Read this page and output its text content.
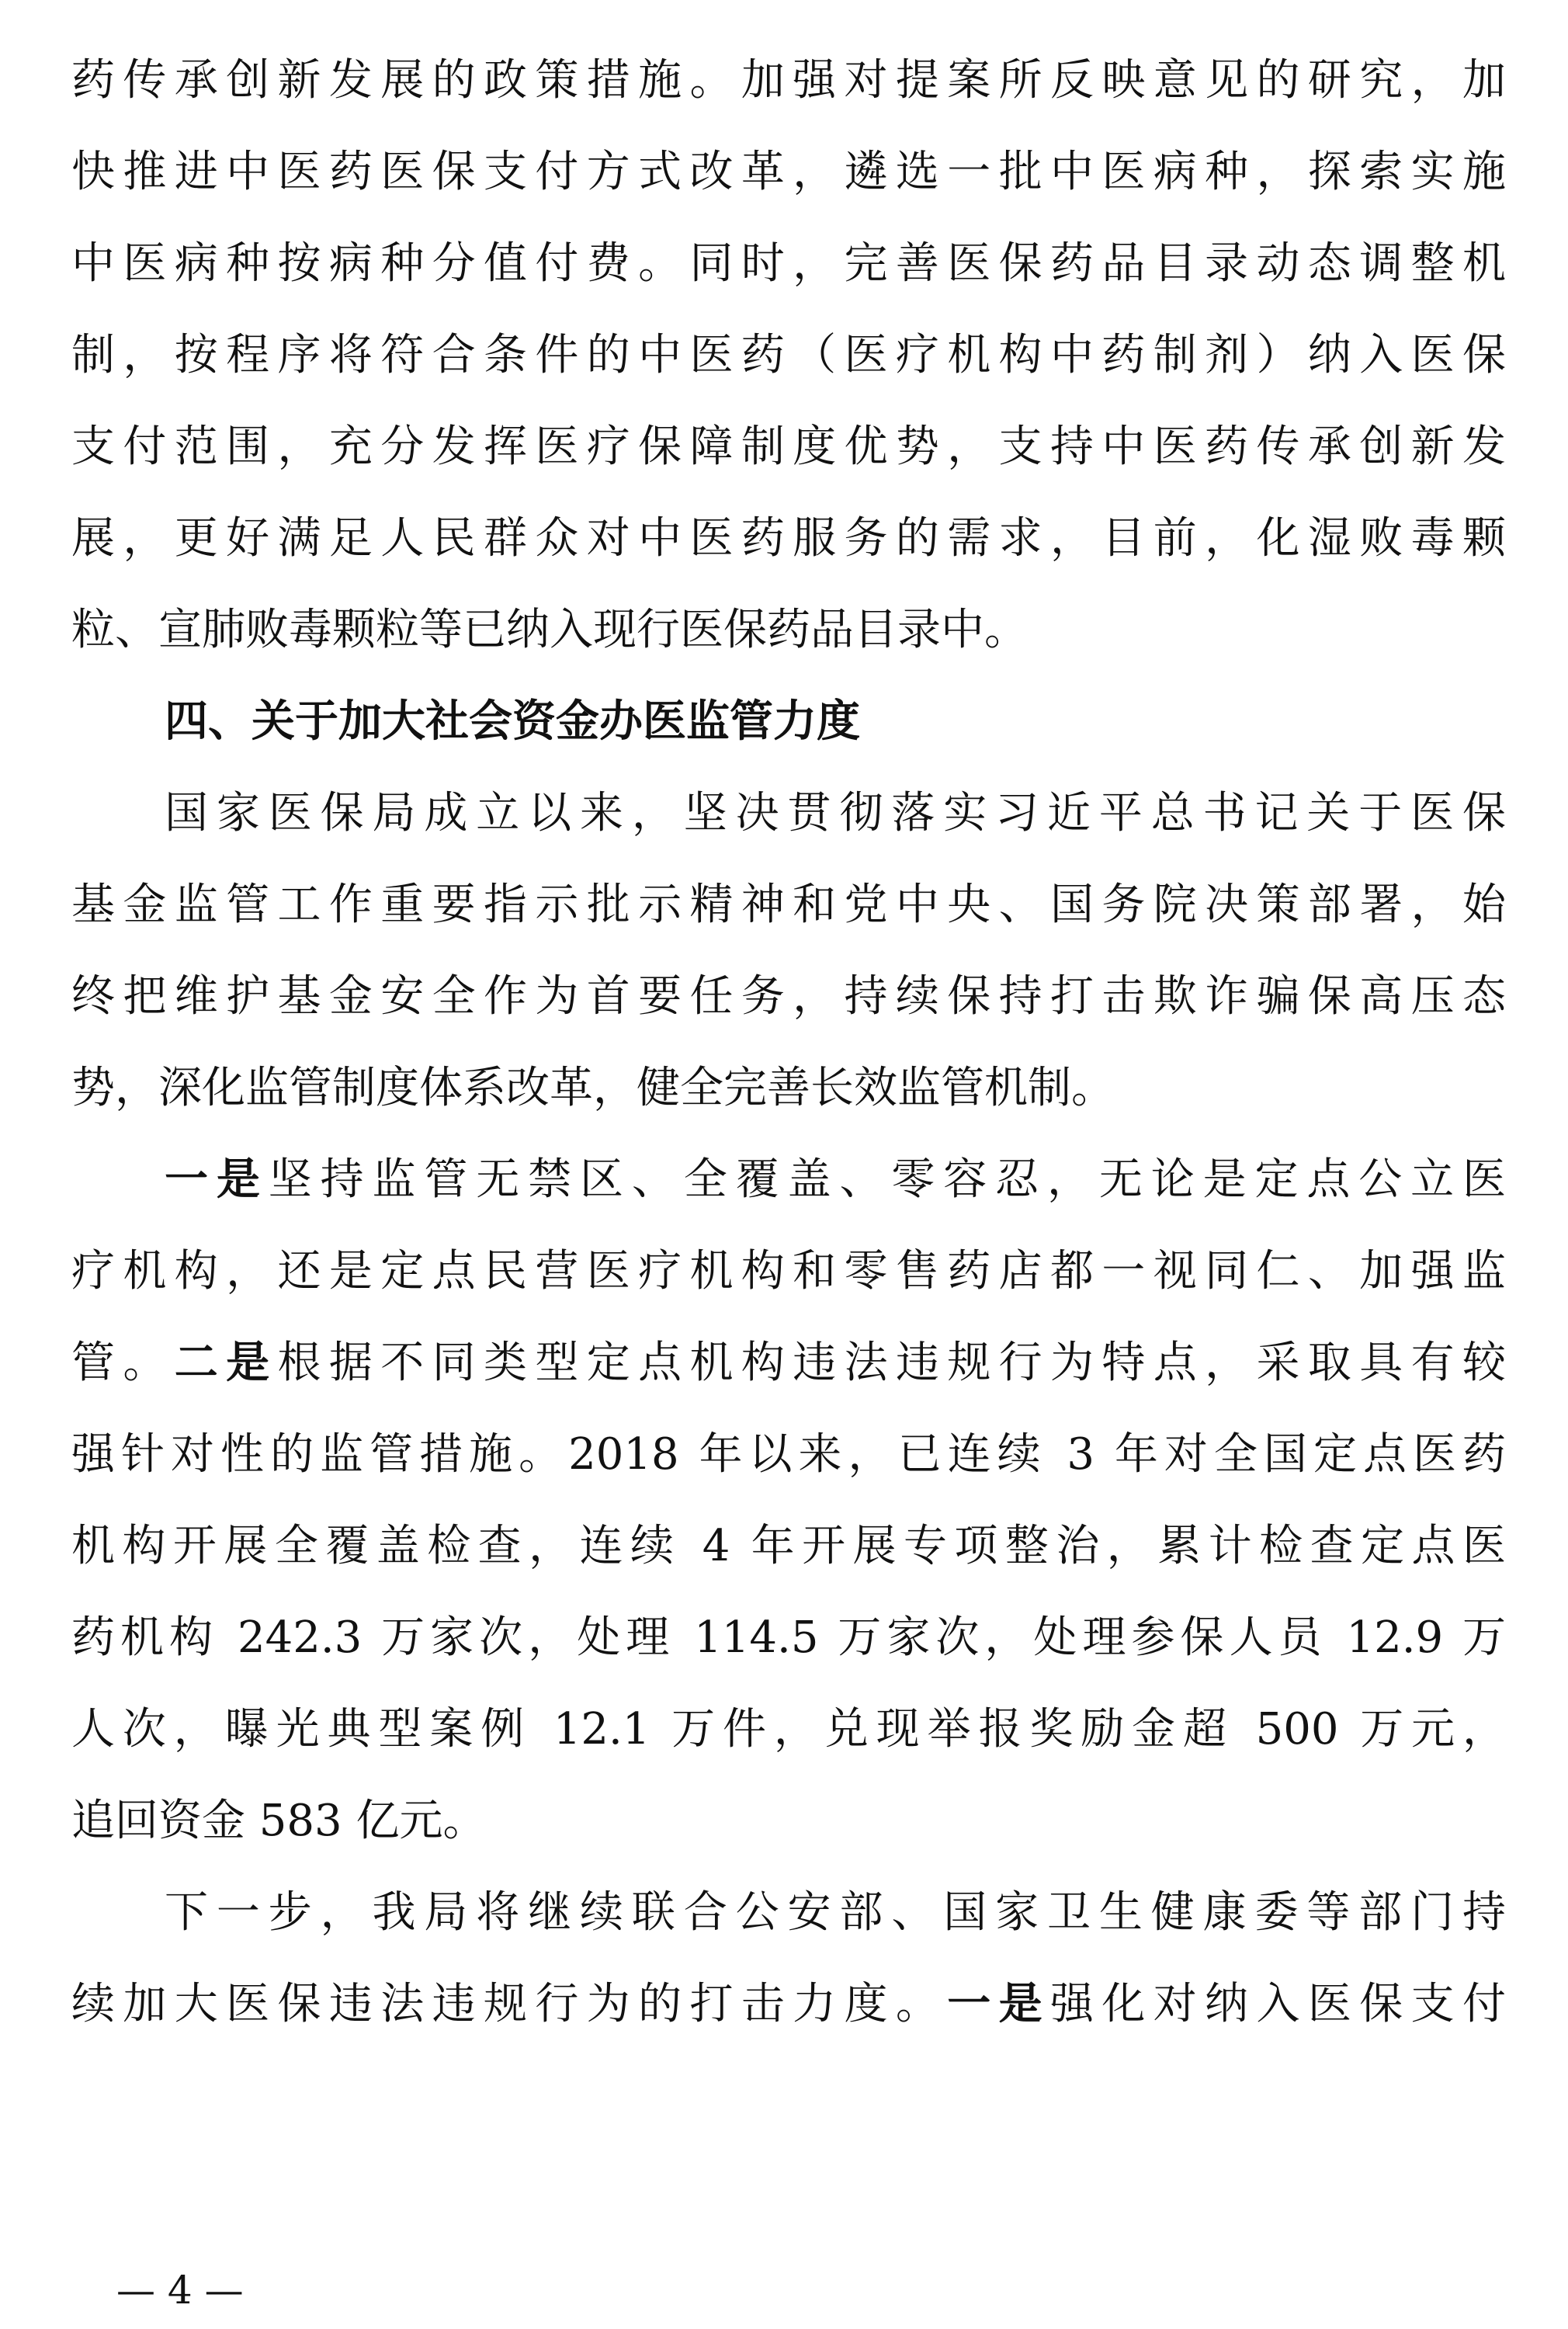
药传承创新发展的政策措施。加强对提案所反映意见的研究，加
快推进中医药医保支付方式改革，遴选一批中医病种，探索实施
中医病种按病种分值付费。同时，完善医保药品目录动态调整机
制，按程序将符合条件的中医药（医疗机构中药制剂）纳入医保
支付范围，充分发挥医疗保障制度优势，支持中医药传承创新发
展，更好满足人民群众对中医药服务的需求，目前，化湿败毒颗
粒、宣肺败毒颗粒等已纳入现行医保药品目录中。
四、关于加大社会资金办医监管力度
国家医保局成立以来，坚决贯彻落实习近平总书记关于医保
基金监管工作重要指示批示精神和党中央、国务院决策部署，始
终把维护基金安全作为首要任务，持续保持打击欺诈骗保高压态
势，深化监管制度体系改革，健全完善长效监管机制。
一是坚持监管无禁区、全覆盖、零容忍，无论是定点公立医
疗机构，还是定点民营医疗机构和零售药店都一视同仁、加强监
管。二是根据不同类型定点机构违法违规行为特点，采取具有较
强针对性的监管措施。2018 年以来，已连续 3 年对全国定点医药
机构开展全覆盖检查，连续 4 年开展专项整治，累计检查定点医
药机构 242.3 万家次，处理 114.5 万家次，处理参保人员 12.9 万
人次，曝光典型案例 12.1 万件，兑现举报奖励金超 500 万元，
追回资金 583 亿元。
下一步，我局将继续联合公安部、国家卫生健康委等部门持
续加大医保违法违规行为的打击力度。一是强化对纳入医保支付
— 4 —
